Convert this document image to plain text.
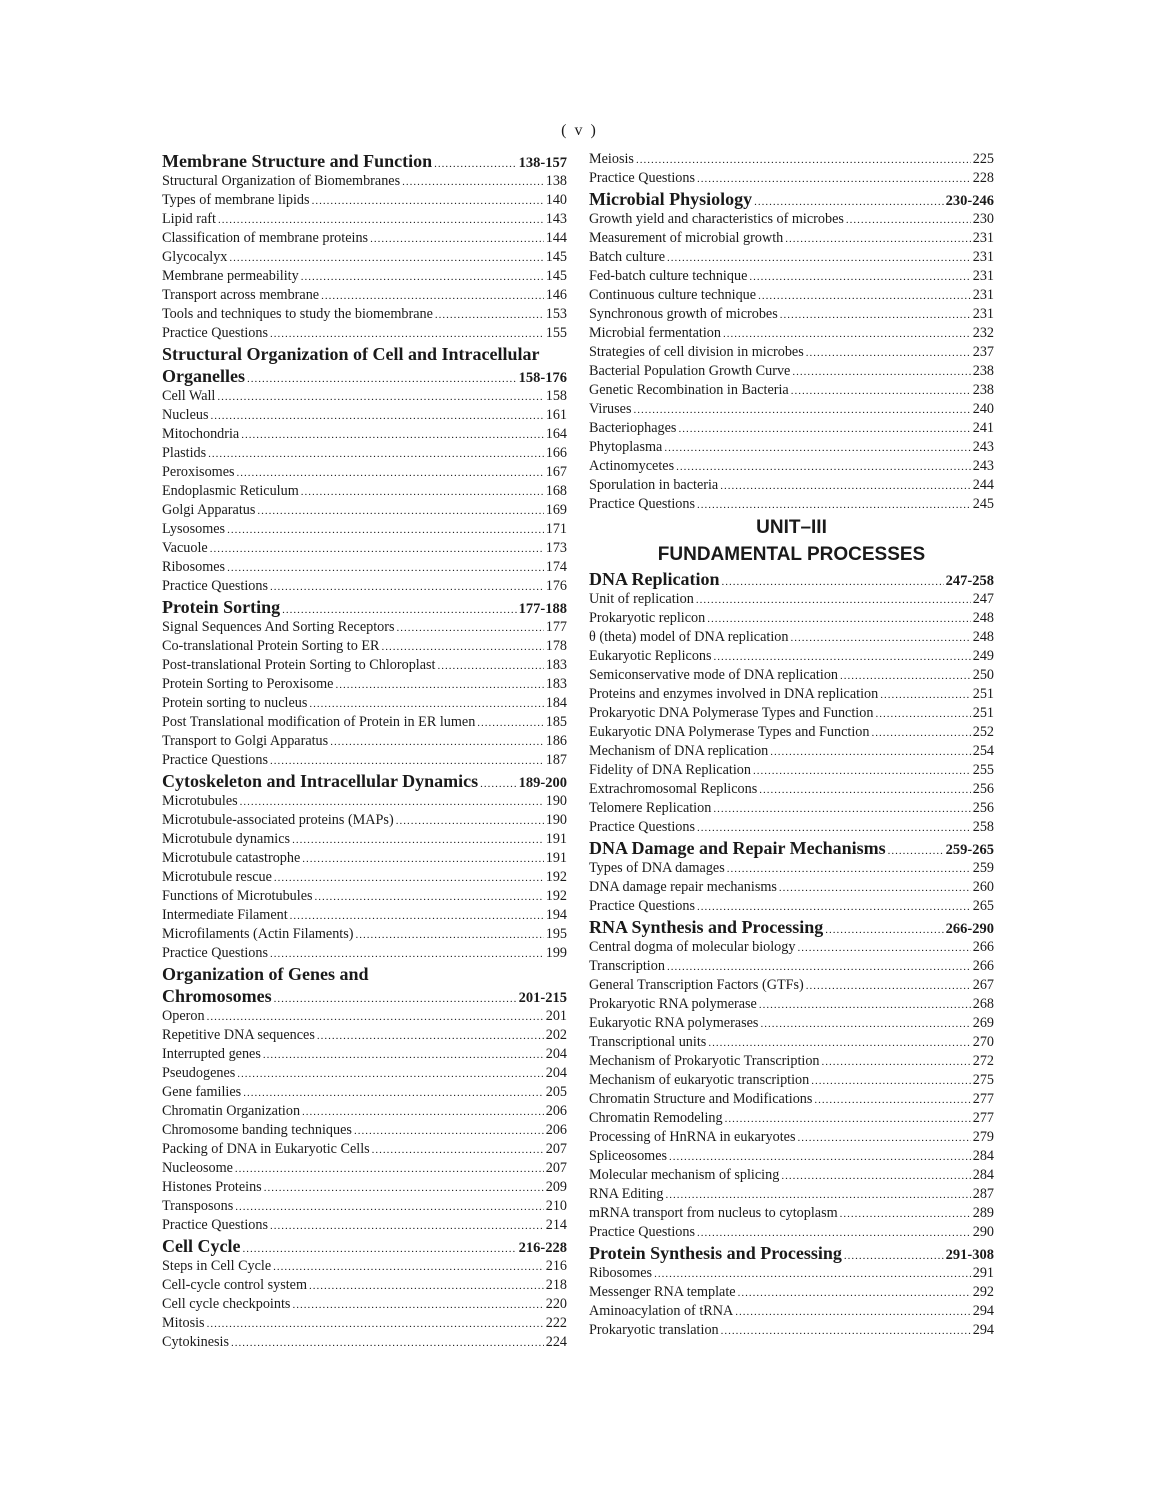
( v )
Membrane Structure and Function .....	138-157
Structural Organization of Biomembranes .....	138
Types of membrane lipids .....	140
Lipid raft .....	143
Classification of membrane proteins .....	144
Glycocalyx .....	145
Membrane permeability .....	145
Transport across membrane .....	146
Tools and techniques to study the biomembrane .....	153
Practice Questions .....	155
Structural Organization of Cell and Intracellular
Organelles .....	158-176
Cell Wall .....	158
Nucleus .....	161
Mitochondria .....	164
Plastids .....	166
Peroxisomes .....	167
Endoplasmic Reticulum .....	168
Golgi Apparatus .....	169
Lysosomes .....	171
Vacuole .....	173
Ribosomes .....	174
Practice Questions .....	176
Protein Sorting .....	177-188
Signal Sequences And Sorting Receptors .....	177
Co-translational Protein Sorting to ER .....	178
Post-translational Protein Sorting to Chloroplast .....	183
Protein Sorting to Peroxisome .....	183
Protein sorting to nucleus .....	184
Post Translational modification of Protein in ER lumen .....	185
Transport to Golgi Apparatus .....	186
Practice Questions .....	187
Cytoskeleton and Intracellular Dynamics .....	189-200
Microtubules .....	190
Microtubule-associated proteins (MAPs) .....	190
Microtubule dynamics .....	191
Microtubule catastrophe .....	191
Microtubule rescue .....	192
Functions of Microtubules .....	192
Intermediate Filament .....	194
Microfilaments (Actin Filaments) .....	195
Practice Questions .....	199
Organization of Genes and
Chromosomes .....	201-215
Operon .....	201
Repetitive DNA sequences .....	202
Interrupted genes .....	204
Pseudogenes .....	204
Gene families .....	205
Chromatin Organization .....	206
Chromosome banding techniques .....	206
Packing of DNA in Eukaryotic Cells .....	207
Nucleosome .....	207
Histones Proteins .....	209
Transposons .....	210
Practice Questions .....	214
Cell Cycle .....	216-228
Steps in Cell Cycle .....	216
Cell-cycle control system .....	218
Cell cycle checkpoints .....	220
Mitosis .....	222
Cytokinesis .....	224
Meiosis .....	225
Practice Questions .....	228
Microbial Physiology .....	230-246
Growth yield and characteristics of microbes .....	230
Measurement of microbial growth .....	231
Batch culture .....	231
Fed-batch culture technique .....	231
Continuous culture technique .....	231
Synchronous growth of microbes .....	231
Microbial fermentation .....	232
Strategies of cell division in microbes .....	237
Bacterial Population Growth Curve .....	238
Genetic Recombination in Bacteria .....	238
Viruses .....	240
Bacteriophages .....	241
Phytoplasma .....	243
Actinomycetes .....	243
Sporulation in bacteria .....	244
Practice Questions .....	245
UNIT–III
FUNDAMENTAL PROCESSES
DNA Replication .....	247-258
Unit of replication .....	247
Prokaryotic replicon .....	248
θ (theta) model of DNA replication .....	248
Eukaryotic Replicons .....	249
Semiconservative mode of DNA replication .....	250
Proteins and enzymes involved in DNA replication .....	251
Prokaryotic DNA Polymerase Types and Function .....	251
Eukaryotic DNA Polymerase Types and Function .....	252
Mechanism of DNA replication .....	254
Fidelity of DNA Replication .....	255
Extrachromosomal Replicons .....	256
Telomere Replication .....	256
Practice Questions .....	258
DNA Damage and Repair Mechanisms .....	259-265
Types of DNA damages .....	259
DNA damage repair mechanisms .....	260
Practice Questions .....	265
RNA Synthesis and Processing .....	266-290
Central dogma of molecular biology .....	266
Transcription .....	266
General Transcription Factors (GTFs) .....	267
Prokaryotic RNA polymerase .....	268
Eukaryotic RNA polymerases .....	269
Transcriptional units .....	270
Mechanism of Prokaryotic Transcription .....	272
Mechanism of eukaryotic transcription .....	275
Chromatin Structure and Modifications .....	277
Chromatin Remodeling .....	277
Processing of HnRNA in eukaryotes .....	279
Spliceosomes .....	284
Molecular mechanism of splicing .....	284
RNA Editing .....	287
mRNA transport from nucleus to cytoplasm .....	289
Practice Questions .....	290
Protein Synthesis and Processing .....	291-308
Ribosomes .....	291
Messenger RNA template .....	292
Aminoacylation of tRNA .....	294
Prokaryotic translation .....	294
